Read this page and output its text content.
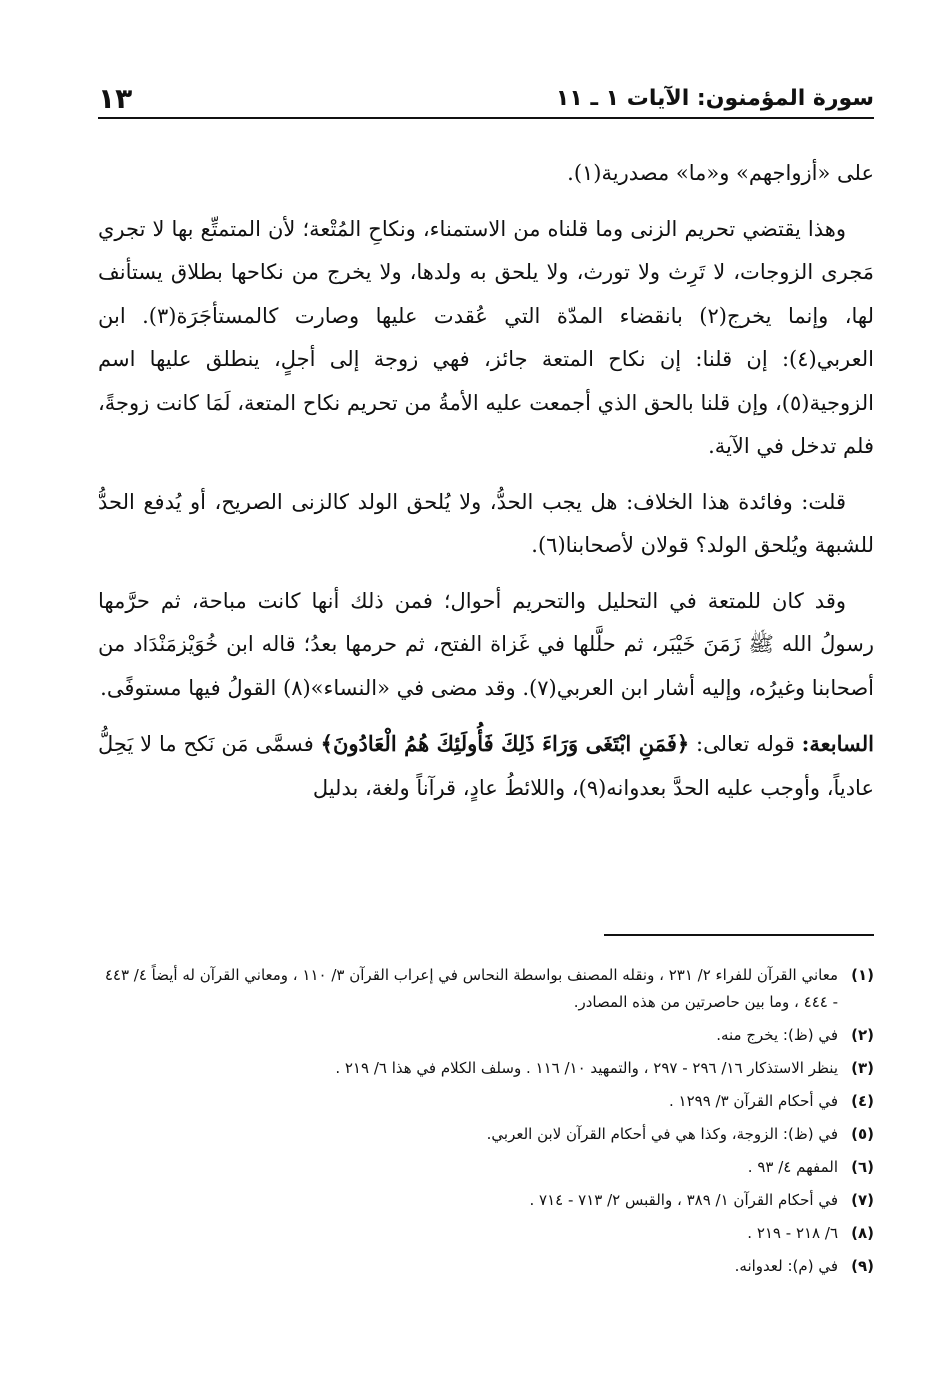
سورة المؤمنون: الآيات ١ ـ ١١
١٣

على «أزواجهم» و«ما» مصدرية(١).

وهذا يقتضي تحريم الزنى وما قلناه من الاستمناء، ونكاحِ المُتْعة؛ لأن المتمتِّع بها لا تجري مَجرى الزوجات، لا تَرِث ولا تورث، ولا يلحق به ولدها، ولا يخرج من نكاحها بطلاق يستأنف لها، وإنما يخرج(٢) بانقضاء المدّة التي عُقدت عليها وصارت كالمستأجَرَة(٣). ابن العربي(٤): إن قلنا: إن نكاح المتعة جائز، فهي زوجة إلى أجلٍ، ينطلق عليها اسم الزوجية(٥)، وإن قلنا بالحق الذي أجمعت عليه الأمةُ من تحريم نكاح المتعة، لَمَا كانت زوجةً، فلم تدخل في الآية.

قلت: وفائدة هذا الخلاف: هل يجب الحدُّ، ولا يُلحق الولد كالزنى الصريح، أو يُدفع الحدُّ للشبهة ويُلحق الولد؟ قولان لأصحابنا(٦).

وقد كان للمتعة في التحليل والتحريم أحوال؛ فمن ذلك أنها كانت مباحة، ثم حرَّمها رسولُ الله ﷺ زَمَنَ خَيْبَر، ثم حلَّلها في غَزاة الفتح، ثم حرمها بعدُ؛ قاله ابن خُوَيْزمَنْدَاد من أصحابنا وغيرُه، وإليه أشار ابن العربي(٧). وقد مضى في «النساء»(٨) القولُ فيها مستوفًى.

السابعة: قوله تعالى: ﴿فَمَنِ ابْتَغَى وَرَاءَ ذَلِكَ فَأُولَئِكَ هُمُ الْعَادُونَ﴾ فسمَّى مَن نَكح ما لا يَحِلُّ عادياً، وأوجب عليه الحدَّ بعدوانه(٩)، واللائطُ عادٍ، قرآناً ولغة، بدليل

(١)
معاني القرآن للفراء ٢/ ٢٣١ ، ونقله المصنف بواسطة النحاس في إعراب القرآن ٣/ ١١٠ ، ومعاني القرآن له أيضاً ٤/ ٤٤٣ - ٤٤٤ ، وما بين حاصرتين من هذه المصادر.
(٢)
في (ظ): يخرج منه.
(٣)
ينظر الاستذكار ١٦/ ٢٩٦ - ٢٩٧ ، والتمهيد ١٠/ ١١٦ . وسلف الكلام في هذا ٦/ ٢١٩ .
(٤)
في أحكام القرآن ٣/ ١٢٩٩ .
(٥)
في (ظ): الزوجة، وكذا هي في أحكام القرآن لابن العربي.
(٦)
المفهم ٤/ ٩٣ .
(٧)
في أحكام القرآن ١/ ٣٨٩ ، والقبس ٢/ ٧١٣ - ٧١٤ .
(٨)
٦/ ٢١٨ - ٢١٩ .
(٩)
في (م): لعدوانه.
